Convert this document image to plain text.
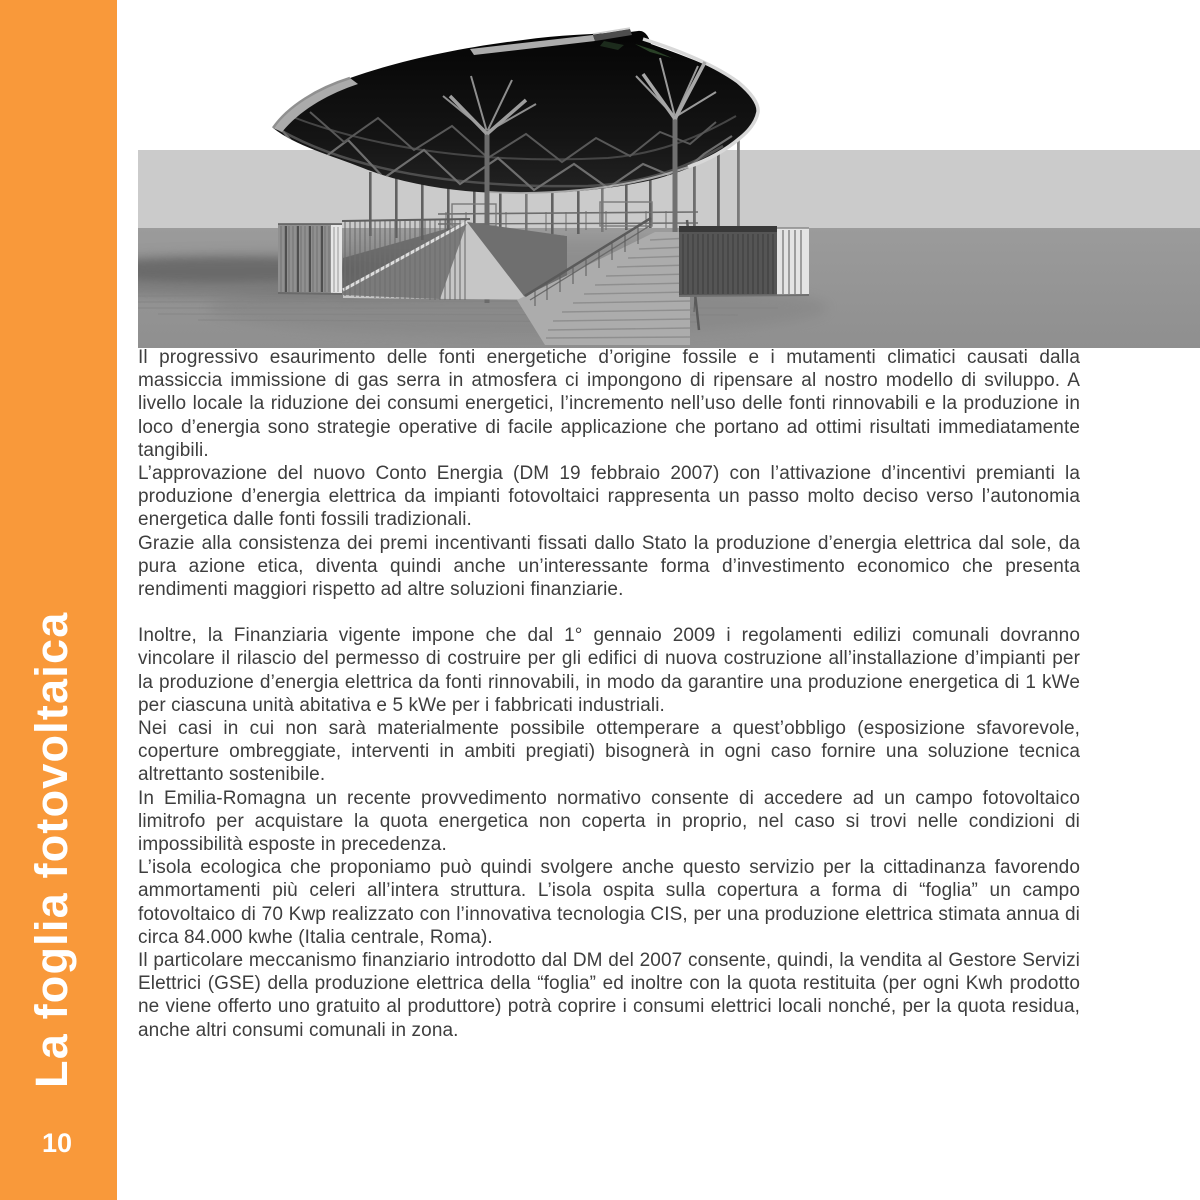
La foglia fotovoltaica
10

Il progressivo esaurimento delle fonti energetiche d’origine fossile e i mutamenti climatici causati dalla massiccia immissione di gas serra in atmosfera ci impongono di ripensare al nostro modello di sviluppo. A livello locale la riduzione dei consumi energetici, l’incremento nell’uso delle fonti rinnovabili e la produzione in loco d’energia sono strategie operative di facile applicazione che portano ad ottimi risultati immediatamente tangibili.

L’approvazione del nuovo Conto Energia (DM 19 febbraio 2007) con l’attivazione d’incentivi premianti la produzione d’energia elettrica da impianti fotovoltaici rappresenta un passo molto deciso verso l’autonomia energetica dalle fonti fossili tradizionali.

Grazie alla consistenza dei premi incentivanti fissati dallo Stato la produzione d’energia elettrica dal sole, da pura azione etica, diventa quindi anche un’interessante forma d’investimento economico che presenta rendimenti maggiori rispetto ad altre soluzioni finanziarie.

Inoltre, la Finanziaria vigente impone che dal 1° gennaio 2009 i regolamenti edilizi comunali dovranno vincolare il rilascio del permesso di costruire per gli edifici di nuova costruzione all’installazione d’impianti per la produzione d’energia elettrica da fonti rinnovabili, in modo da garantire una produzione energetica di 1 kWe per ciascuna unità abitativa e 5 kWe per i fabbricati industriali.

Nei casi in cui non sarà materialmente possibile ottemperare a quest’obbligo (esposizione sfavorevole, coperture ombreggiate, interventi in ambiti pregiati) bisognerà in ogni caso fornire una soluzione tecnica altrettanto sostenibile.

In Emilia-Romagna un recente provvedimento normativo consente di accedere ad un campo fotovoltaico limitrofo per acquistare la quota energetica non coperta in proprio, nel caso si trovi nelle condizioni di impossibilità esposte in precedenza.

L’isola ecologica che proponiamo può quindi svolgere anche questo servizio per la cittadinanza favorendo ammortamenti più celeri all’intera struttura. L’isola ospita sulla copertura a forma di “foglia” un campo fotovoltaico di 70 Kwp realizzato con l’innovativa tecnologia CIS, per una produzione elettrica stimata annua di circa 84.000 kwhe (Italia centrale, Roma).

Il particolare meccanismo finanziario introdotto dal DM del 2007 consente, quindi, la vendita al Gestore Servizi Elettrici (GSE) della produzione elettrica della “foglia” ed inoltre con la quota restituita (per ogni Kwh prodotto ne viene offerto uno gratuito al produttore) potrà coprire i consumi elettrici locali nonché, per la quota residua, anche altri consumi comunali in zona.
